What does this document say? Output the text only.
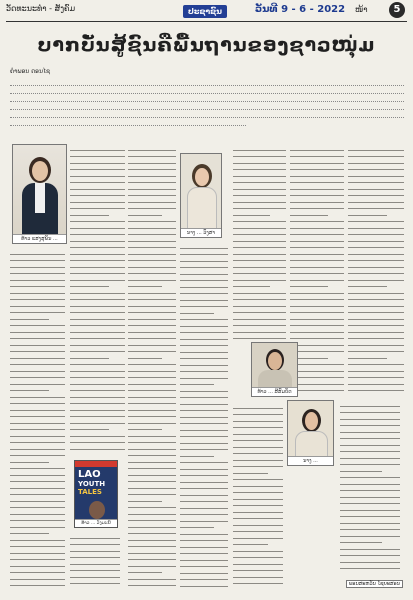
ວັດທະນະທຳ - ສັງຄົມ	ປະຊາຊົນ	ວັນທີ 9 - 6 - 2022 ໜ້າ	5
ບາກບັ່ນສູ້ຊົນຄືພື້ນຖານຂອງຊາວໜຸ່ມ
ຄຳພອນ ດອນໄຊ
ທ້າວ ແສງສຸພັນ ...
ນາງ ... ວົງສາ
ທ້າວ ... ສີສົມບັດ
ນາງ ...
LAO
YOUTH
TALES
ທ້າວ ... ວົງມະນີ
ພອນສະຫວັນ ໄຊຍະສອນ
